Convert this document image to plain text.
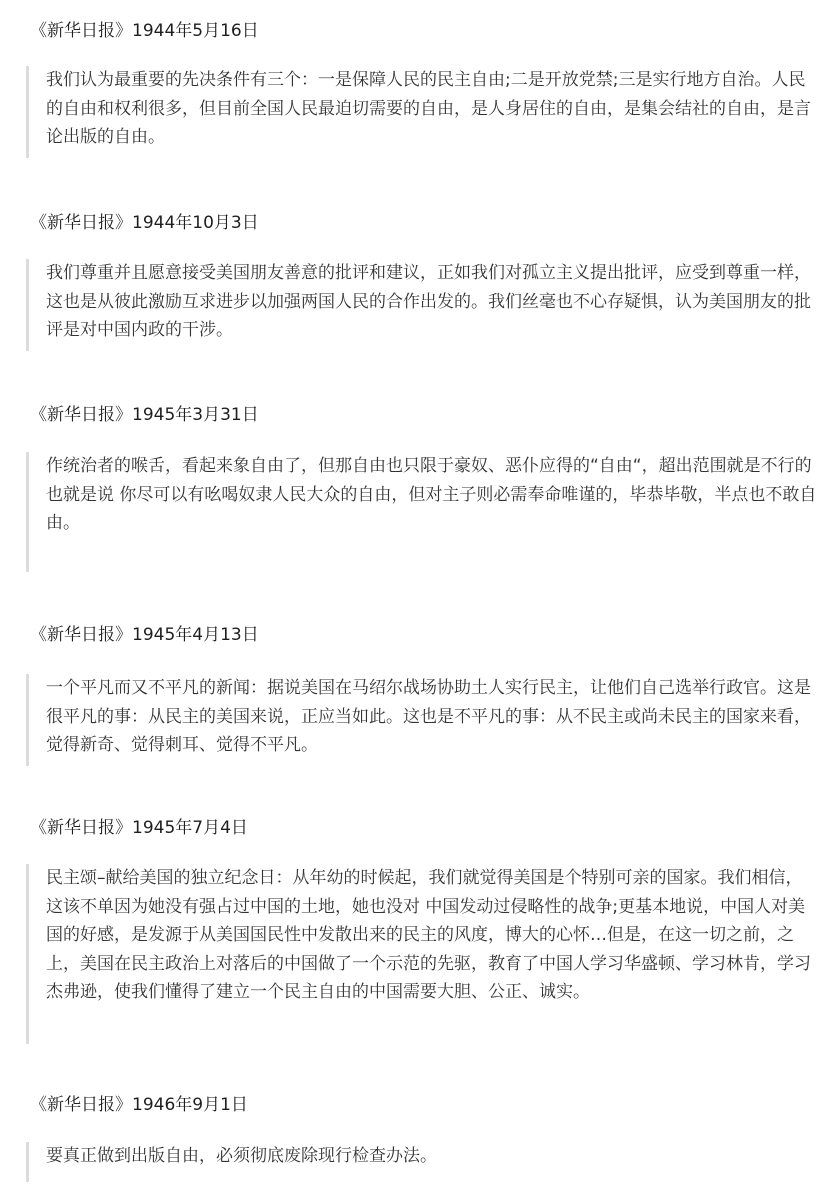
《新华日报》1944年5月16日

我们认为最重要的先决条件有三个：一是保障人民的民主自由;二是开放党禁;三是实行地方自治。人民的自由和权利很多，但目前全国人民最迫切需要的自由，是人身居住的自由，是集会结社的自由，是言论出版的自由。

《新华日报》1944年10月3日

我们尊重并且愿意接受美国朋友善意的批评和建议，正如我们对孤立主义提出批评，应受到尊重一样，这也是从彼此激励互求进步以加强两国人民的合作出发的。我们丝毫也不心存疑惧，认为美国朋友的批评是对中国内政的干涉。

《新华日报》1945年3月31日

作统治者的喉舌，看起来象自由了，但那自由也只限于豪奴、恶仆应得的“自由“，超出范围就是不行的

也就是说 你尽可以有吆喝奴隶人民大众的自由，但对主子则必需奉命唯谨的，毕恭毕敬，半点也不敢自由。

《新华日报》1945年4月13日

一个平凡而又不平凡的新闻：据说美国在马绍尔战场协助土人实行民主，让他们自己选举行政官。这是很平凡的事：从民主的美国来说，正应当如此。这也是不平凡的事：从不民主或尚未民主的国家来看，觉得新奇、觉得刺耳、觉得不平凡。

《新华日报》1945年7月4日

民主颂–献给美国的独立纪念日：从年幼的时候起，我们就觉得美国是个特别可亲的国家。我们相信，这该不单因为她没有强占过中国的土地，她也没对 中国发动过侵略性的战争;更基本地说，中国人对美国的好感，是发源于从美国国民性中发散出来的民主的风度，博大的心怀…但是，在这一切之前，之上，美国在民主政治上对落后的中国做了一个示范的先驱，教育了中国人学习华盛顿、学习林肯，学习杰弗逊，使我们懂得了建立一个民主自由的中国需要大胆、公正、诚实。

《新华日报》1946年9月1日

要真正做到出版自由，必须彻底废除现行检查办法。
